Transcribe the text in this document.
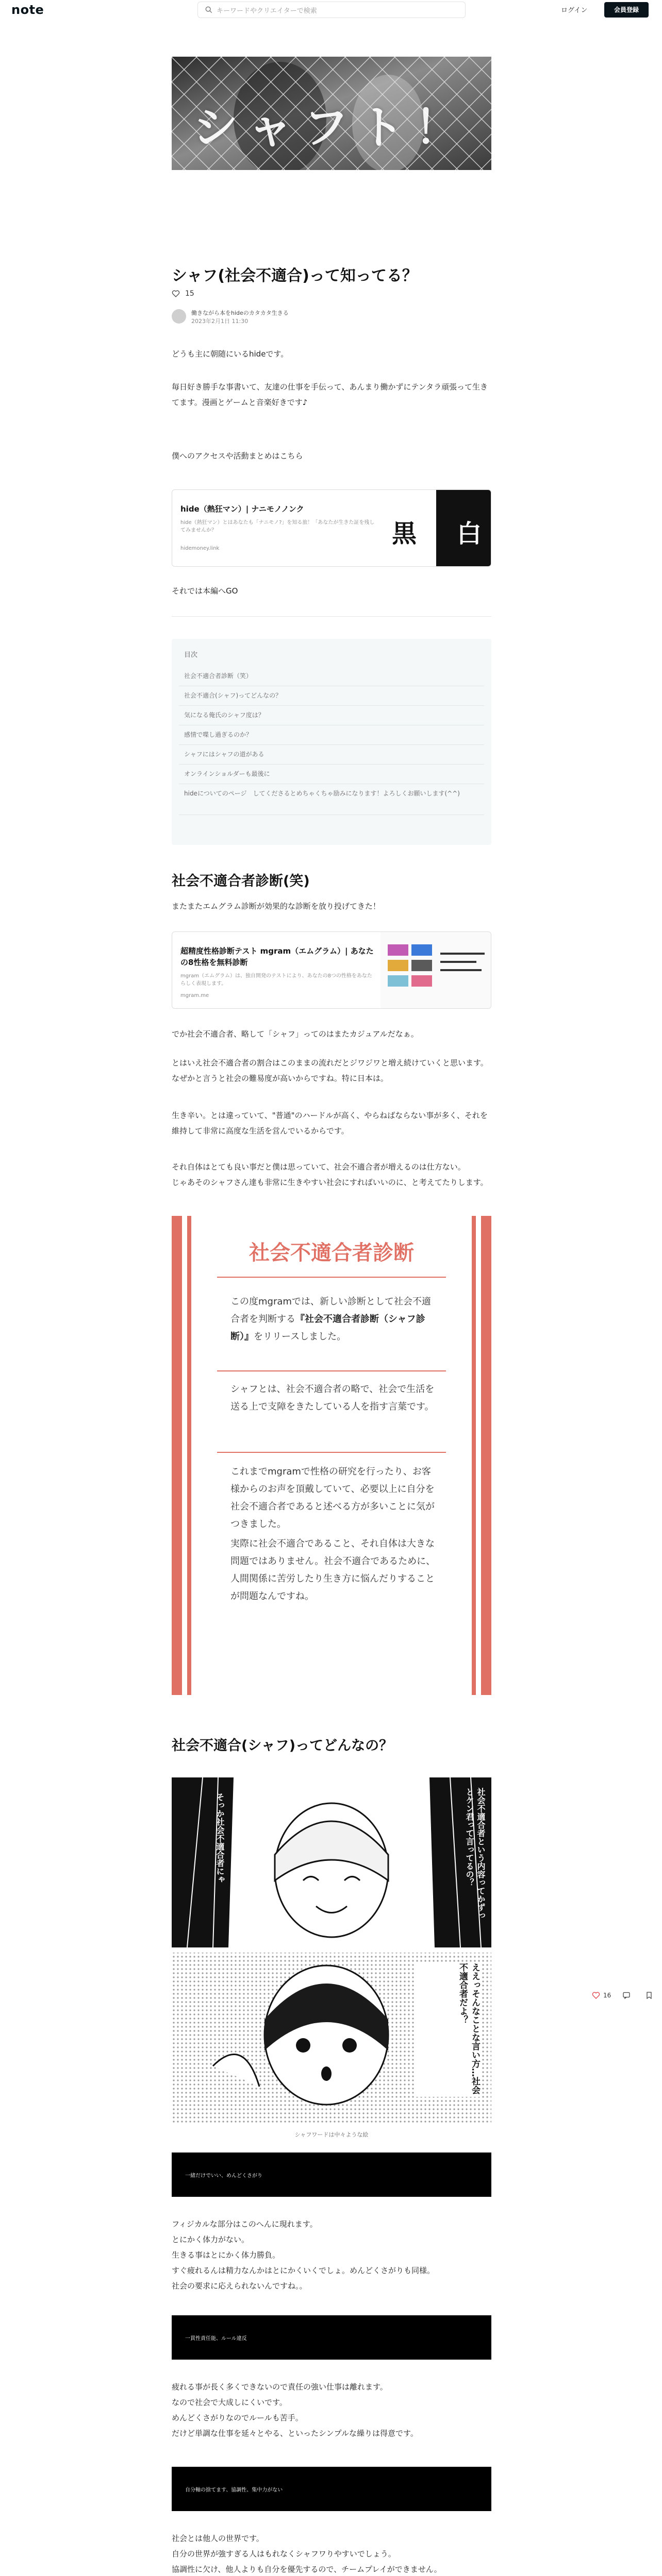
note	キーワードやクリエイターで検索	ログイン	会員登録
シャフト！
シャフ(社会不適合)って知ってる？
15
働きながら本をhideのカタカタ生きる
2023年2月1日 11:30
どうも主に朝随にいるhideです。
毎日好き勝手な事書いて、友達の仕事を手伝って、あんまり働かずにテンタラ頑張って生きてます。漫画とゲームと音楽好きです♪
僕へのアクセスや活動まとめはこちら
hide（熱狂マン）| ナニモノノンク
hide（熱狂マン）とはあなたも「ナニモノ?」を知る旅！「あなたが生きた証を残してみませんか？
hidemoney.link
黒 白
それでは本編へGO
目次
社会不適合者診断（笑）
社会不適合(シャフ)ってどんなの？
気になる俺氏のシャフ度は？
感情で喋し過ぎるのか？
シャフにはシャフの道がある
オンラインショルダーも最後に
hideについてのページ　してくださるとめちゃくちゃ励みになります！よろしくお願いします(^^)
社会不適合者診断(笑)
またまたエムグラム診断が効果的な診断を放り投げてきた！
超精度性格診断テスト mgram（エムグラム）| あなたの8性格を無料診断
mgram（エムグラム）は、独自開発のテストにより、あなたの8つの性格をあなたらしく表現します。
mgram.me
でか社会不適合者、略して「シャフ」ってのはまたカジュアルだなぁ。
とはいえ社会不適合者の割合はこのままの流れだとジワジワと増え続けていくと思います。なぜかと言うと社会の難易度が高いからですね。特に日本は。
生き辛い。とは違っていて、"普通"のハードルが高く、やらねばならない事が多く、それを維持して非常に高度な生活を営んでいるからです。
それ自体はとても良い事だと僕は思っていて、社会不適合者が増えるのは仕方ない。
じゃあそのシャフさん達も非常に生きやすい社会にすればいいのに、と考えてたりします。
社会不適合者診断
この度mgramでは、新しい診断として社会不適合者を判断する『社会不適合者診断（シャフ診断）』をリリースしました。
シャフとは、社会不適合者の略で、社会で生活を送る上で支障をきたしている人を指す言葉です。
これまでmgramで性格の研究を行ったり、お客様からのお声を頂戴していて、必要以上に自分を社会不適合者であると述べる方が多いことに気がつきました。
実際に社会不適合であること、それ自体は大きな問題ではありません。社会不適合であるために、人間関係に苦労したり生き方に悩んだりすることが問題なんですね。
社会不適合(シャフ)ってどんなの？
社会不適合者という内容ってかずっとケン君って言ってるの？
そっか社会不適合者にゃ
ええっそんなことな言い方…社会不適合者だよ？
シャフワードは中々ような絵
一緒だけでいい、めんどくさがり
フィジカルな部分はこのへんに現れます。
とにかく体力がない。
生きる事はとにかく体力勝負。
すぐ疲れるんは精力なんかはとにかくいくでしょ。めんどくさがりも同様。
社会の要求に応えられないんですね。。
一貫性責任能、ルール違反
疲れる事が長く多くできないので責任の強い仕事は離れます。
なので社会で大成しにくいです。
めんどくさがりなのでルールも苦手。
だけど単調な仕事を延々とやる、といったシンプルな繰りは得意です。
自分軸の捨てます、協調性、集中力がない
社会とは他人の世界です。
自分の世界が強すぎる人はもれなくシャフワりやすいでしょう。
協調性に欠け、他人よりも自分を優先するので、チームプレイができません。
16
